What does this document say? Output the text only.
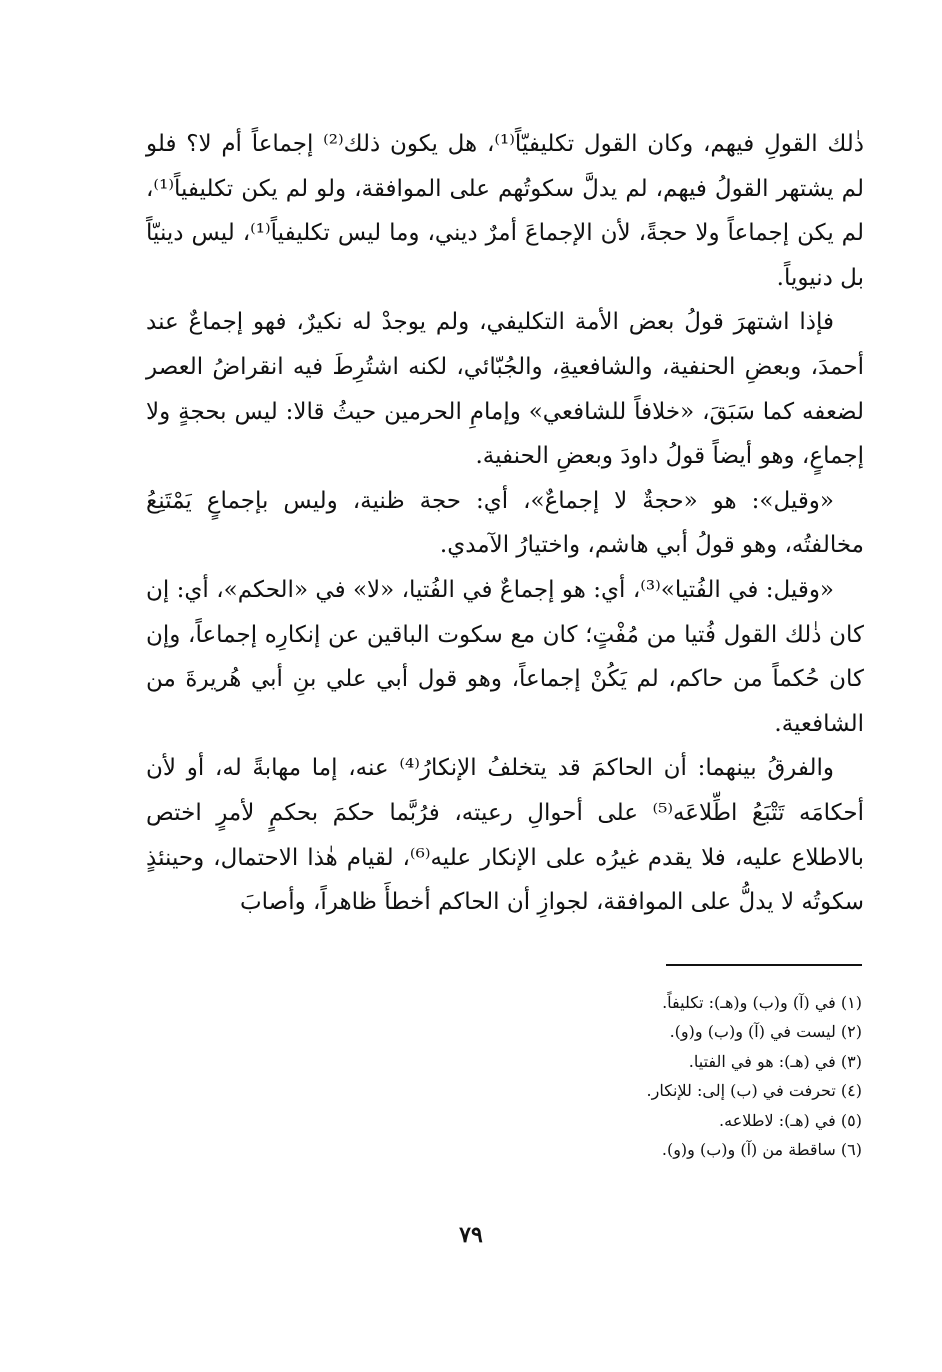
ذٰلك القولِ فيهم، وكان القول تكليفيّاً⁽¹⁾، هل يكون ذلك⁽²⁾ إجماعاً أم لا؟ فلو لم يشتهر القولُ فيهم، لم يدلَّ سكوتُهم على الموافقة، ولو لم يكن تكليفياً⁽¹⁾، لم يكن إجماعاً ولا حجةً، لأن الإجماعَ أمرٌ ديني، وما ليس تكليفياً⁽¹⁾، ليس دينيّاً بل دنيوياً.

فإذا اشتهرَ قولُ بعض الأمة التكليفي، ولم يوجدْ له نكيرٌ، فهو إجماعٌ عند أحمدَ، وبعضِ الحنفية، والشافعيةِ، والجُبّائي، لكنه اشتُرِطَ فيه انقراضُ العصر لضعفه كما سَبَقَ، «خلافاً للشافعي» وإمامِ الحرمين حيثُ قالا: ليس بحجةٍ ولا إجماعٍ، وهو أيضاً قولُ داودَ وبعضِ الحنفية.

«وقيل»: هو «حجةٌ لا إجماعٌ»، أي: حجة ظنية، وليس بإجماعٍ يَمْتَنِعُ مخالفتُه، وهو قولُ أبي هاشم، واختيارُ الآمدي.

«وقيل: في الفُتيا»⁽³⁾، أي: هو إجماعٌ في الفُتيا، «لا» في «الحكم»، أي: إن كان ذٰلك القول فُتيا من مُفْتٍ؛ كان مع سكوت الباقين عن إنكارِه إجماعاً، وإن كان حُكماً من حاكم، لم يَكُنْ إجماعاً، وهو قول أبي علي بنِ أبي هُريرةَ من الشافعية.

والفرقُ بينهما: أن الحاكمَ قد يتخلفُ الإنكارُ⁽⁴⁾ عنه، إما مهابةً له، أو لأن أحكامَه تَتْبَعُ اطِّلاعَه⁽⁵⁾ على أحوالِ رعيته، فرُبَّما حكمَ بحكمٍ لأمرٍ اختص بالاطلاع عليه، فلا يقدم غيرُه على الإنكار عليه⁽⁶⁾، لقيام هٰذا الاحتمال، وحينئذٍ سكوتُه لا يدلُّ على الموافقة، لجوازِ أن الحاكم أخطأَ ظاهراً، وأصابَ

(١) في (آ) و(ب) و(هـ): تكليفاً.
(٢) ليست في (آ) و(ب) و(و).
(٣) في (هـ): هو في الفتيا.
(٤) تحرفت في (ب) إلى: للإنكار.
(٥) في (هـ): لاطلاعه.
(٦) ساقطة من (آ) و(ب) و(و).
٧٩
